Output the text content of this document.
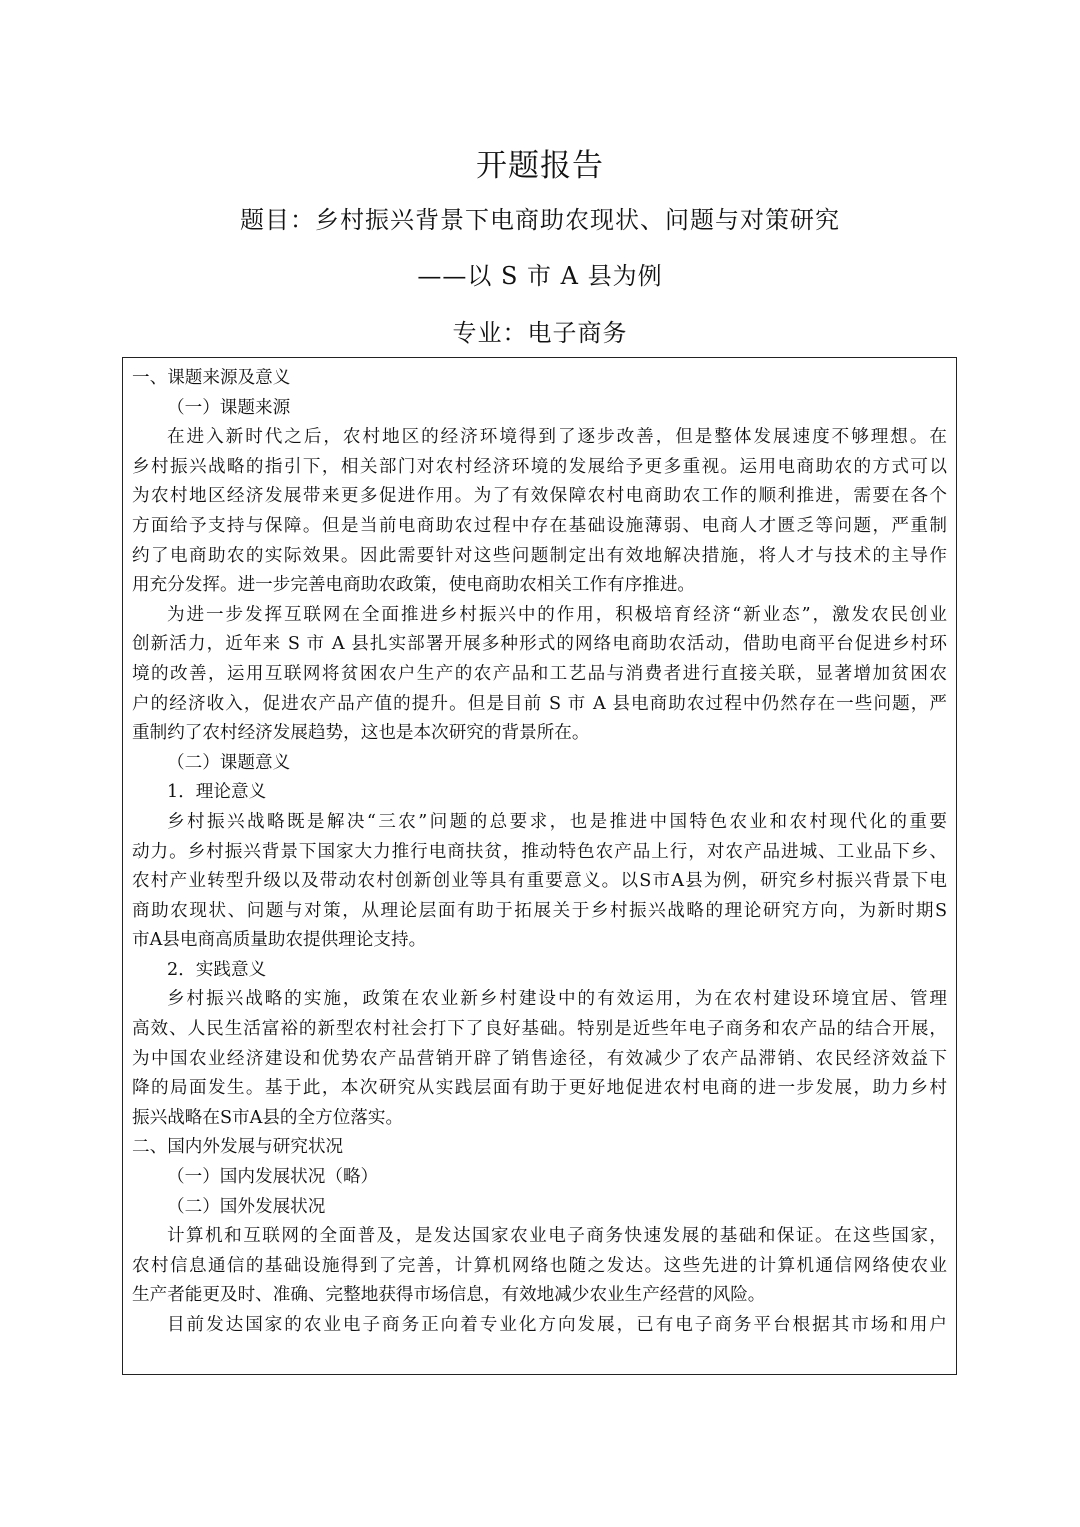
开题报告
题目：乡村振兴背景下电商助农现状、问题与对策研究
——以 S 市 A 县为例
专业：电子商务
一、课题来源及意义
（一）课题来源
在进入新时代之后，农村地区的经济环境得到了逐步改善，但是整体发展速度不够理想。在
乡村振兴战略的指引下，相关部门对农村经济环境的发展给予更多重视。运用电商助农的方式可以
为农村地区经济发展带来更多促进作用。为了有效保障农村电商助农工作的顺利推进，需要在各个
方面给予支持与保障。但是当前电商助农过程中存在基础设施薄弱、电商人才匮乏等问题，严重制
约了电商助农的实际效果。因此需要针对这些问题制定出有效地解决措施，将人才与技术的主导作
用充分发挥。进一步完善电商助农政策，使电商助农相关工作有序推进。
为进一步发挥互联网在全面推进乡村振兴中的作用，积极培育经济“新业态”，激发农民创业
创新活力，近年来 S 市 A 县扎实部署开展多种形式的网络电商助农活动，借助电商平台促进乡村环
境的改善，运用互联网将贫困农户生产的农产品和工艺品与消费者进行直接关联，显著增加贫困农
户的经济收入，促进农产品产值的提升。但是目前 S 市 A 县电商助农过程中仍然存在一些问题，严
重制约了农村经济发展趋势，这也是本次研究的背景所在。
（二）课题意义
1．理论意义
乡村振兴战略既是解决“三农”问题的总要求，也是推进中国特色农业和农村现代化的重要
动力。乡村振兴背景下国家大力推行电商扶贫，推动特色农产品上行，对农产品进城、工业品下乡、
农村产业转型升级以及带动农村创新创业等具有重要意义。以S市A县为例，研究乡村振兴背景下电
商助农现状、问题与对策，从理论层面有助于拓展关于乡村振兴战略的理论研究方向，为新时期S
市A县电商高质量助农提供理论支持。
2．实践意义
乡村振兴战略的实施，政策在农业新乡村建设中的有效运用，为在农村建设环境宜居、管理
高效、人民生活富裕的新型农村社会打下了良好基础。特别是近些年电子商务和农产品的结合开展，
为中国农业经济建设和优势农产品营销开辟了销售途径，有效减少了农产品滞销、农民经济效益下
降的局面发生。基于此，本次研究从实践层面有助于更好地促进农村电商的进一步发展，助力乡村
振兴战略在S市A县的全方位落实。
二、国内外发展与研究状况
（一）国内发展状况（略）
（二）国外发展状况
计算机和互联网的全面普及，是发达国家农业电子商务快速发展的基础和保证。在这些国家，
农村信息通信的基础设施得到了完善，计算机网络也随之发达。这些先进的计算机通信网络使农业
生产者能更及时、准确、完整地获得市场信息，有效地减少农业生产经营的风险。
目前发达国家的农业电子商务正向着专业化方向发展，已有电子商务平台根据其市场和用户
